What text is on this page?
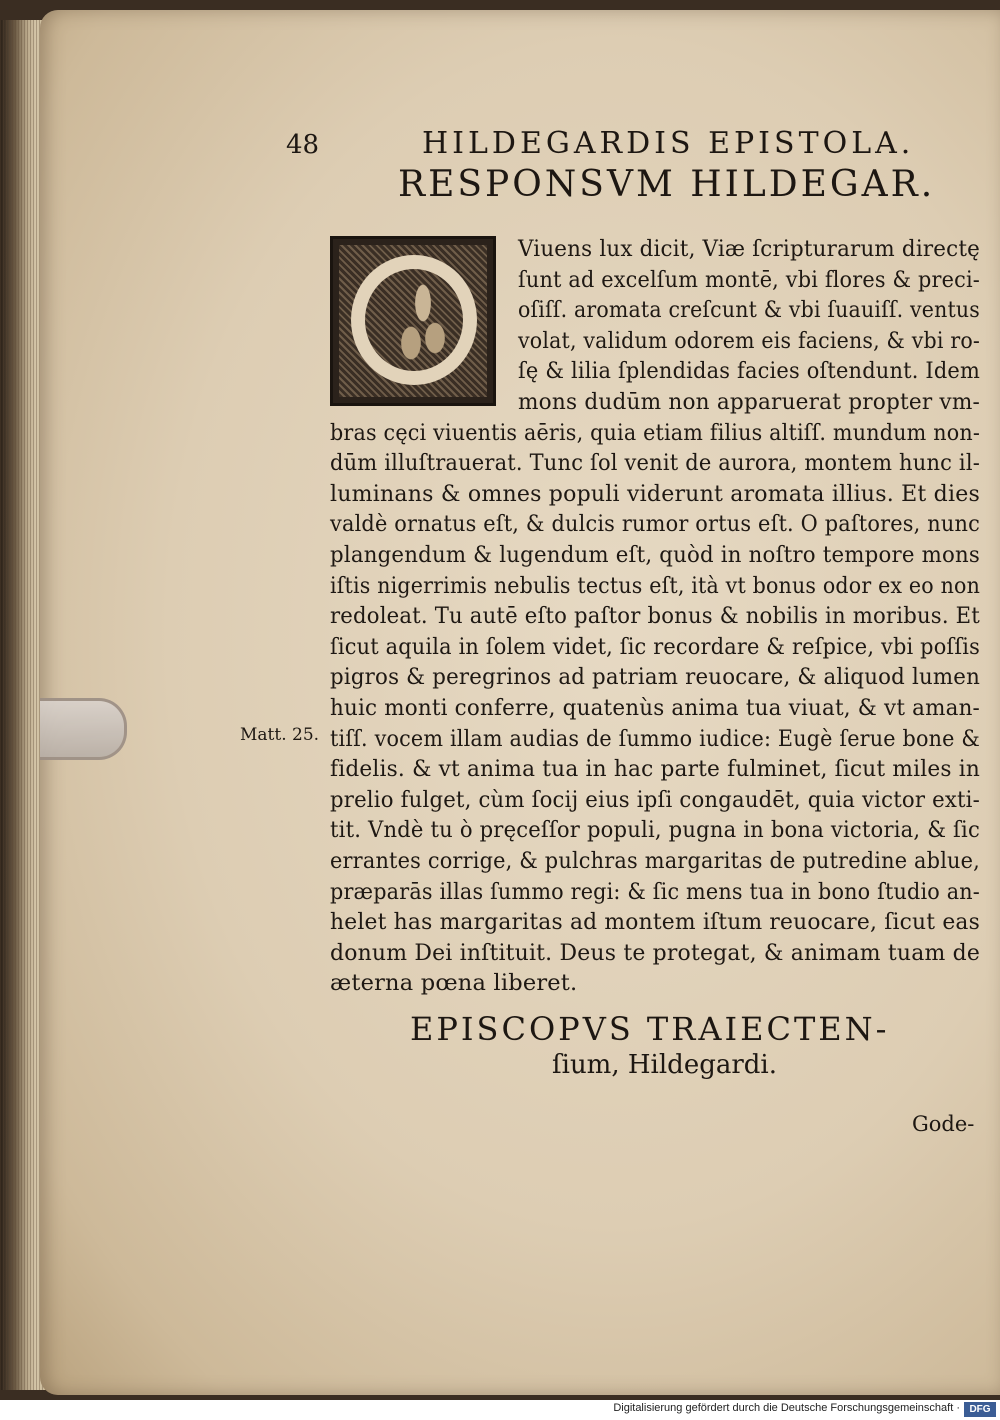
48	HILDEGARDIS EPISTOLA.
RESPONSVM HILDEGAR.
Viuens lux dicit, Viæ ſcripturarum directę
ſunt ad excelſum montē, vbi flores & preci-
oſiſſ. aromata creſcunt & vbi ſuauiſſ. ventus
volat, validum odorem eis faciens, & vbi ro-
ſę & lilia ſplendidas facies oſtendunt. Idem
mons dudūm non apparuerat propter vm-
bras cęci viuentis aēris, quia etiam filius altiſſ. mundum non-
dūm illuſtrauerat. Tunc ſol venit de aurora, montem hunc il-
luminans & omnes populi viderunt aromata illius. Et dies
valdè ornatus eſt, & dulcis rumor ortus eſt. O paſtores, nunc
plangendum & lugendum eſt, quòd in noſtro tempore mons
iſtis nigerrimis nebulis tectus eſt, ità vt bonus odor ex eo non
redoleat. Tu autē eſto paſtor bonus & nobilis in moribus. Et
ſicut aquila in ſolem videt, ſic recordare & reſpice, vbi poſſis
pigros & peregrinos ad patriam reuocare, & aliquod lumen
huic monti conferre, quatenùs anima tua viuat, & vt aman-
tiſſ. vocem illam audias de ſummo iudice: Eugè ſerue bone &
fidelis. & vt anima tua in hac parte fulminet, ſicut miles in
prelio fulget, cùm ſocij eius ipſi congaudēt, quia victor exti-
tit. Vndè tu ò pręceſſor populi, pugna in bona victoria, & ſic
errantes corrige, & pulchras margaritas de putredine ablue,
præparās illas ſummo regi: & ſic mens tua in bono ſtudio an-
helet has margaritas ad montem iſtum reuocare, ſicut eas
donum Dei inſtituit. Deus te protegat, & animam tuam de
æterna pœna liberet.
Matt. 25.
EPISCOPVS TRAIECTEN-
ſium, Hildegardi.
Gode-
Digitalisierung gefördert durch die Deutsche Forschungsgemeinschaft · DFG
